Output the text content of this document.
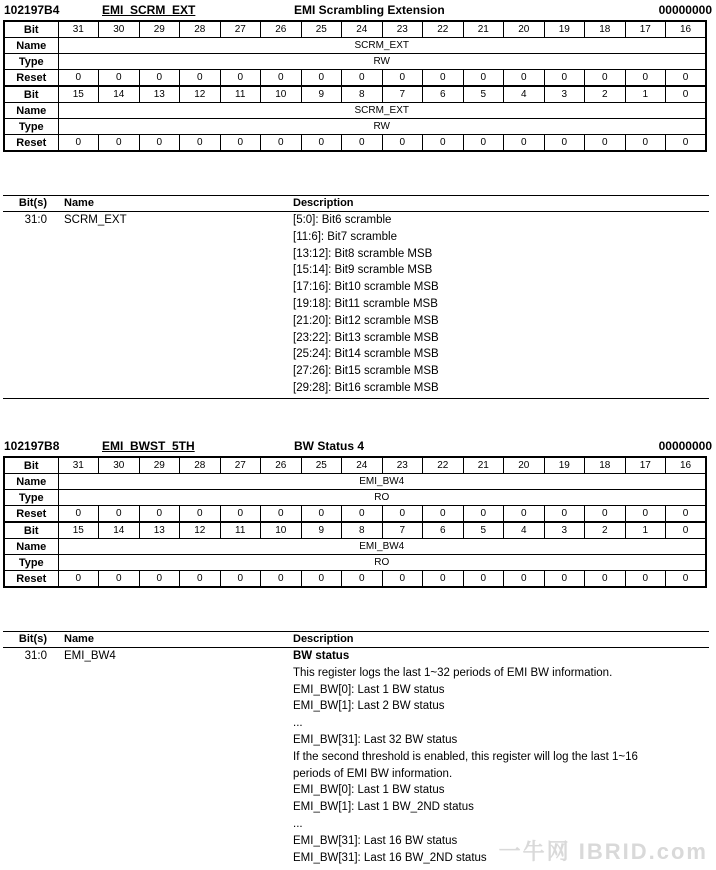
102197B4	EMI_SCRM_EXT	EMI Scrambling Extension	00000000
Bit	31	30	29	28	27	26	25	24	23	22	21	20	19	18	17	16
Name	SCRM_EXT															
Type	RW															
Reset	0	0	0	0	0	0	0	0	0	0	0	0	0	0	0	0
Bit	15	14	13	12	11	10	9	8	7	6	5	4	3	2	1	0
Name	SCRM_EXT															
Type	RW															
Reset	0	0	0	0	0	0	0	0	0	0	0	0	0	0	0	0
Bit(s) Name	Description
31:0 SCRM_EXT	[5:0]: Bit6 scramble
[11:6]: Bit7 scramble
[13:12]: Bit8 scramble MSB
[15:14]: Bit9 scramble MSB
[17:16]: Bit10 scramble MSB
[19:18]: Bit11 scramble MSB
[21:20]: Bit12 scramble MSB
[23:22]: Bit13 scramble MSB
[25:24]: Bit14 scramble MSB
[27:26]: Bit15 scramble MSB
[29:28]: Bit16 scramble MSB
102197B8	EMI_BWST_5TH	BW Status 4	00000000
Bit	31	30	29	28	27	26	25	24	23	22	21	20	19	18	17	16
Name	EMI_BW4															
Type	RO															
Reset	0	0	0	0	0	0	0	0	0	0	0	0	0	0	0	0
Bit	15	14	13	12	11	10	9	8	7	6	5	4	3	2	1	0
Name	EMI_BW4															
Type	RO															
Reset	0	0	0	0	0	0	0	0	0	0	0	0	0	0	0	0
Bit(s) Name	Description
31:0 EMI_BW4	BW status
This register logs the last 1~32 periods of EMI BW information.
EMI_BW[0]: Last 1 BW status
EMI_BW[1]: Last 2 BW status
...
EMI_BW[31]: Last 32 BW status
If the second threshold is enabled, this register will log the last 1~16
periods of EMI BW information.
EMI_BW[0]: Last 1 BW status
EMI_BW[1]: Last 1 BW_2ND status
...
EMI_BW[31]: Last 16 BW status
EMI_BW[31]: Last 16 BW_2ND status 一牛网 IBRID.com
